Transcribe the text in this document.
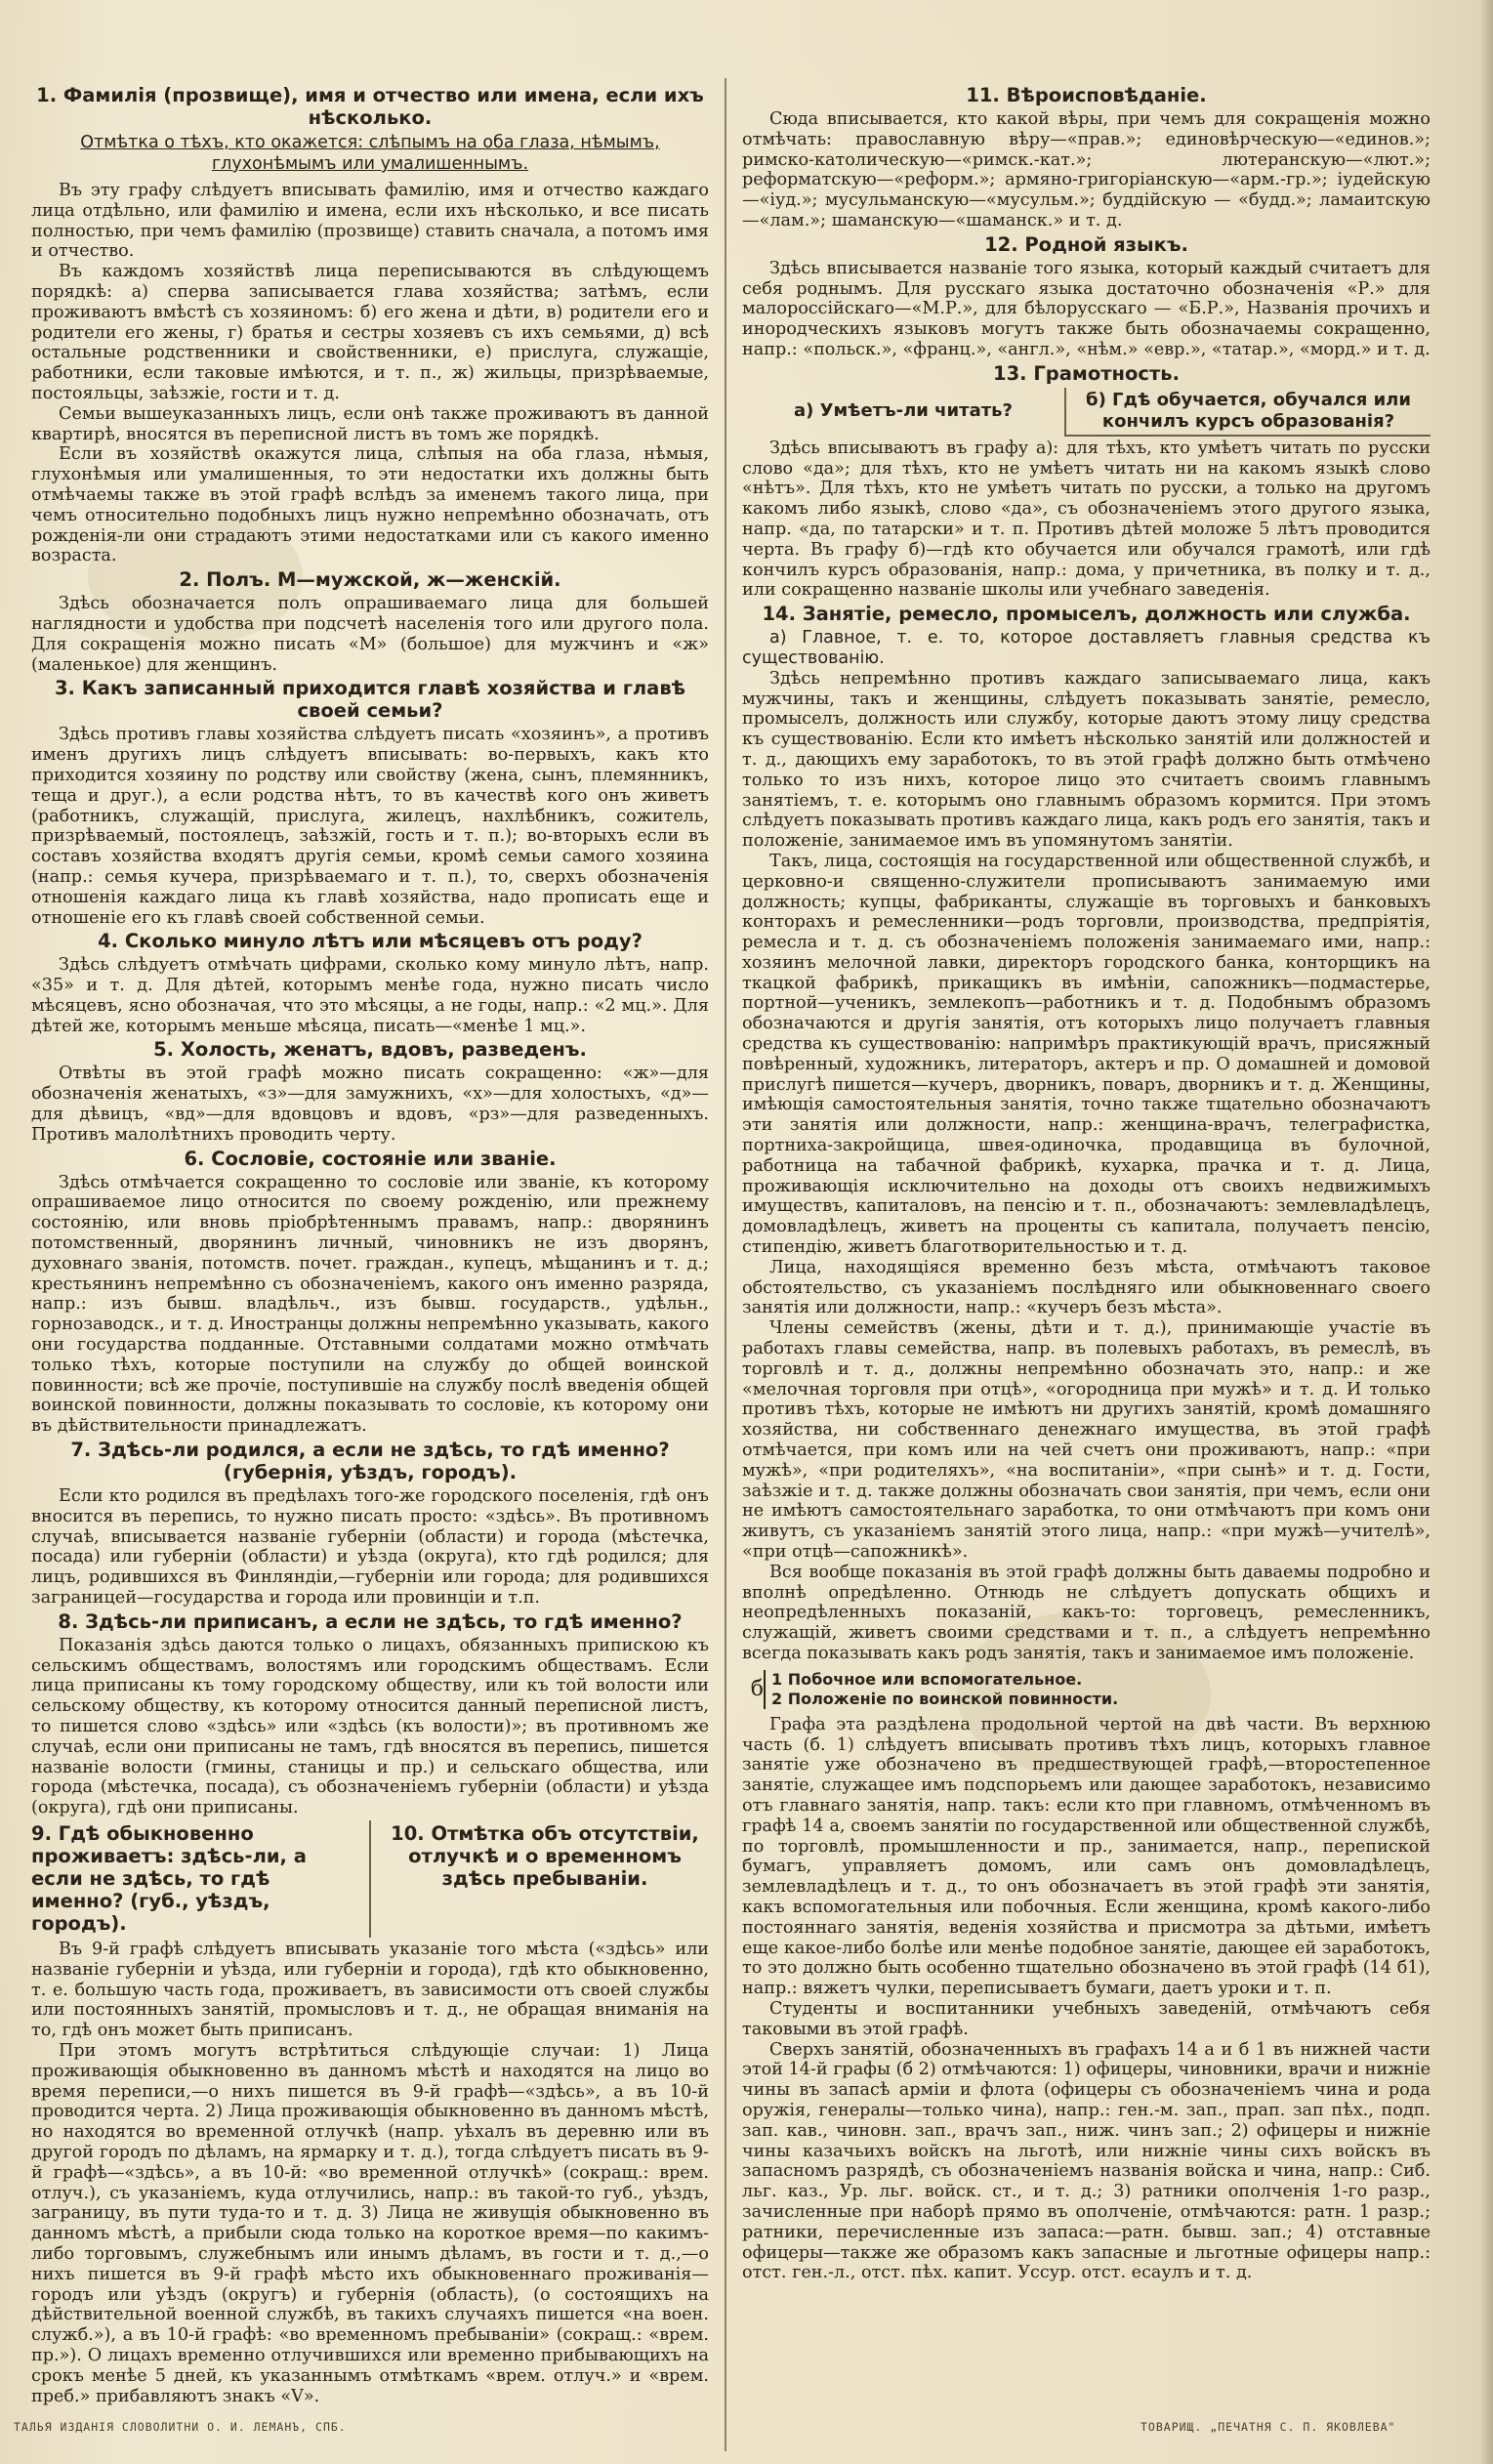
1. Фамилія (прозвище), имя и отчество или имена, если ихъ нѣсколько.
Отмѣтка о тѣхъ, кто окажется: слѣпымъ на оба глаза, нѣмымъ, глухонѣмымъ или умалишеннымъ.

Въ эту графу слѣдуетъ вписывать фамилію, имя и отчество каждаго лица отдѣльно, или фамилію и имена, если ихъ нѣсколько, и все писать полностью, при чемъ фамилію (прозвище) ставить сначала, а потомъ имя и отчество.

Въ каждомъ хозяйствѣ лица переписываются въ слѣдующемъ порядкѣ: а) сперва записывается глава хозяйства; затѣмъ, если проживаютъ вмѣстѣ съ хозяиномъ: б) его жена и дѣти, в) родители его и родители его жены, г) братья и сестры хозяевъ съ ихъ семьями, д) всѣ остальные родственники и свойственники, е) прислуга, служащіе, работники, если таковые имѣются, и т. п., ж) жильцы, призрѣваемые, постояльцы, заѣзжіе, гости и т. д.

Семьи вышеуказанныхъ лицъ, если онѣ также проживаютъ въ данной квартирѣ, вносятся въ переписной листъ въ томъ же порядкѣ.

Если въ хозяйствѣ окажутся лица, слѣпыя на оба глаза, нѣмыя, глухонѣмыя или умалишенныя, то эти недостатки ихъ должны быть отмѣчаемы также въ этой графѣ вслѣдъ за именемъ такого лица, при чемъ относительно подобныхъ лицъ нужно непремѣнно обозначать, отъ рожденія-ли они страдаютъ этими недостатками или съ какого именно возраста.

2. Полъ. М—мужской, ж—женскій.

Здѣсь обозначается полъ опрашиваемаго лица для большей наглядности и удобства при подсчетѣ населенія того или другого пола. Для сокращенія можно писать «М» (большое) для мужчинъ и «ж» (маленькое) для женщинъ.

3. Какъ записанный приходится главѣ хозяйства и главѣ своей семьи?

Здѣсь противъ главы хозяйства слѣдуетъ писать «хозяинъ», а противъ именъ другихъ лицъ слѣдуетъ вписывать: во-первыхъ, какъ кто приходится хозяину по родству или свойству (жена, сынъ, племянникъ, теща и друг.), а если родства нѣтъ, то въ качествѣ кого онъ живетъ (работникъ, служащій, прислуга, жилецъ, нахлѣбникъ, сожитель, призрѣваемый, постоялецъ, заѣзжій, гость и т. п.); во-вторыхъ если въ составъ хозяйства входятъ другія семьи, кромѣ семьи самого хозяина (напр.: семья кучера, призрѣваемаго и т. п.), то, сверхъ обозначенія отношенія каждаго лица къ главѣ хозяйства, надо прописать еще и отношеніе его къ главѣ своей собственной семьи.

4. Сколько минуло лѣтъ или мѣсяцевъ отъ роду?

Здѣсь слѣдуетъ отмѣчать цифрами, сколько кому минуло лѣтъ, напр. «35» и т. д. Для дѣтей, которымъ менѣе года, нужно писать число мѣсяцевъ, ясно обозначая, что это мѣсяцы, а не годы, напр.: «2 мц.». Для дѣтей же, которымъ меньше мѣсяца, писать—«менѣе 1 мц.».

5. Холость, женатъ, вдовъ, разведенъ.

Отвѣты въ этой графѣ можно писать сокращенно: «ж»—для обозначенія женатыхъ, «з»—для замужнихъ, «х»—для холостыхъ, «д»—для дѣвицъ, «вд»—для вдовцовъ и вдовъ, «рз»—для разведенныхъ. Противъ малолѣтнихъ проводить черту.

6. Сословіе, состояніе или званіе.

Здѣсь отмѣчается сокращенно то сословіе или званіе, къ которому опрашиваемое лицо относится по своему рожденію, или прежнему состоянію, или вновь пріобрѣтеннымъ правамъ, напр.: дворянинъ потомственный, дворянинъ личный, чиновникъ не изъ дворянъ, духовнаго званія, потомств. почет. граждан., купецъ, мѣщанинъ и т. д.; крестьянинъ непремѣнно съ обозначеніемъ, какого онъ именно разряда, напр.: изъ бывш. владѣльч., изъ бывш. государств., удѣльн., горнозаводск., и т. д. Иностранцы должны непремѣнно указывать, какого они государства подданные. Отставными солдатами можно отмѣчать только тѣхъ, которые поступили на службу до общей воинской повинности; всѣ же прочіе, поступившіе на службу послѣ введенія общей воинской повинности, должны показывать то сословіе, къ которому они въ дѣйствительности принадлежатъ.

7. Здѣсь-ли родился, а если не здѣсь, то гдѣ именно? (губернія, уѣздъ, городъ).

Если кто родился въ предѣлахъ того-же городского поселенія, гдѣ онъ вносится въ перепись, то нужно писать просто: «здѣсь». Въ противномъ случаѣ, вписывается названіе губерніи (области) и города (мѣстечка, посада) или губерніи (области) и уѣзда (округа), кто гдѣ родился; для лицъ, родившихся въ Финляндіи,—губерніи или города; для родившихся заграницей—государства и города или провинціи и т.п.

8. Здѣсь-ли приписанъ, а если не здѣсь, то гдѣ именно?

Показанія здѣсь даются только о лицахъ, обязанныхъ припискою къ сельскимъ обществамъ, волостямъ или городскимъ обществамъ. Если лица приписаны къ тому городскому обществу, или къ той волости или сельскому обществу, къ которому относится данный переписной листъ, то пишется слово «здѣсь» или «здѣсь (къ волости)»; въ противномъ же случаѣ, если они приписаны не тамъ, гдѣ вносятся въ перепись, пишется названіе волости (гмины, станицы и пр.) и сельскаго общества, или города (мѣстечка, посада), съ обозначеніемъ губерніи (области) и уѣзда (округа), гдѣ они приписаны.

9. Гдѣ обыкновенно проживаетъ: здѣсь-ли, а если не здѣсь, то гдѣ именно? (губ., уѣздъ, городъ).
10. Отмѣтка объ отсутствіи, отлучкѣ и о временномъ здѣсь пребываніи.

Въ 9-й графѣ слѣдуетъ вписывать указаніе того мѣста («здѣсь» или названіе губерніи и уѣзда, или губерніи и города), гдѣ кто обыкновенно, т. е. большую часть года, проживаетъ, въ зависимости отъ своей службы или постоянныхъ занятій, промысловъ и т. д., не обращая вниманія на то, гдѣ онъ может быть приписанъ.

При этомъ могутъ встрѣтиться слѣдующіе случаи: 1) Лица проживающія обыкновенно въ данномъ мѣстѣ и находятся на лицо во время переписи,—о нихъ пишется въ 9-й графѣ—«здѣсь», а въ 10-й проводится черта. 2) Лица проживающія обыкновенно въ данномъ мѣстѣ, но находятся во временной отлучкѣ (напр. уѣхалъ въ деревню или въ другой городъ по дѣламъ, на ярмарку и т. д.), тогда слѣдуетъ писать въ 9-й графѣ—«здѣсь», а въ 10-й: «во временной отлучкѣ» (сокращ.: врем. отлуч.), съ указаніемъ, куда отлучились, напр.: въ такой-то губ., уѣздъ, заграницу, въ пути туда-то и т. д. 3) Лица не живущія обыкновенно въ данномъ мѣстѣ, а прибыли сюда только на короткое время—по какимъ-либо торговымъ, служебнымъ или инымъ дѣламъ, въ гости и т. д.,—о нихъ пишется въ 9-й графѣ мѣсто ихъ обыкновеннаго проживанія—городъ или уѣздъ (округъ) и губернія (область), (о состоящихъ на дѣйствительной военной службѣ, въ такихъ случаяхъ пишется «на воен. служб.»), а въ 10-й графѣ: «во временномъ пребываніи» (сокращ.: «врем. пр.»). О лицахъ временно отлучившихся или временно прибывающихъ на срокъ менѣе 5 дней, къ указаннымъ отмѣткамъ «врем. отлуч.» и «врем. преб.» прибавляютъ знакъ «V».

11. Вѣроисповѣданіе.

Сюда вписывается, кто какой вѣры, при чемъ для сокращенія можно отмѣчать: православную вѣру—«прав.»; единовѣрческую—«единов.»; римско-католическую—«римск.-кат.»; лютеранскую—«лют.»; реформатскую—«реформ.»; армяно-григоріанскую—«арм.-гр.»; іудейскую—«іуд.»; мусульманскую—«мусульм.»; буддійскую — «будд.»; ламаитскую—«лам.»; шаманскую—«шаманск.» и т. д.

12. Родной языкъ.

Здѣсь вписывается названіе того языка, который каждый считаетъ для себя роднымъ. Для русскаго языка достаточно обозначенія «Р.» для малороссійскаго—«М.Р.», для бѣлорусскаго — «Б.Р.», Названія прочихъ и инородческихъ языковъ могутъ также быть обозначаемы сокращенно, напр.: «польск.», «франц.», «англ.», «нѣм.» «евр.», «татар.», «морд.» и т. д.

13. Грамотность.
а) Умѣетъ-ли читать?
б) Гдѣ обучается, обучался или кончилъ курсъ образованія?

Здѣсь вписываютъ въ графу а): для тѣхъ, кто умѣетъ читать по русски слово «да»; для тѣхъ, кто не умѣетъ читать ни на какомъ языкѣ слово «нѣтъ». Для тѣхъ, кто не умѣетъ читать по русски, а только на другомъ какомъ либо языкѣ, слово «да», съ обозначеніемъ этого другого языка, напр. «да, по татарски» и т. п. Противъ дѣтей моложе 5 лѣтъ проводится черта. Въ графу б)—гдѣ кто обучается или обучался грамотѣ, или гдѣ кончилъ курсъ образованія, напр.: дома, у причетника, въ полку и т. д., или сокращенно названіе школы или учебнаго заведенія.

14. Занятіе, ремесло, промыселъ, должность или служба.

а) Главное, т. е. то, которое доставляетъ главныя средства къ существованію.

Здѣсь непремѣнно противъ каждаго записываемаго лица, какъ мужчины, такъ и женщины, слѣдуетъ показывать занятіе, ремесло, промыселъ, должность или службу, которые даютъ этому лицу средства къ существованію. Если кто имѣетъ нѣсколько занятій или должностей и т. д., дающихъ ему заработокъ, то въ этой графѣ должно быть отмѣчено только то изъ нихъ, которое лицо это считаетъ своимъ главнымъ занятіемъ, т. е. которымъ оно главнымъ образомъ кормится. При этомъ слѣдуетъ показывать противъ каждаго лица, какъ родъ его занятія, такъ и положеніе, занимаемое имъ въ упомянутомъ занятіи.

Такъ, лица, состоящія на государственной или общественной службѣ, и церковно-и священно-служители прописываютъ занимаемую ими должность; купцы, фабриканты, служащіе въ торговыхъ и банковыхъ конторахъ и ремесленники—родъ торговли, производства, предпріятія, ремесла и т. д. съ обозначеніемъ положенія занимаемаго ими, напр.: хозяинъ мелочной лавки, директоръ городского банка, конторщикъ на ткацкой фабрикѣ, прикащикъ въ имѣніи, сапожникъ—подмастерье, портной—ученикъ, землекопъ—работникъ и т. д. Подобнымъ образомъ обозначаются и другія занятія, отъ которыхъ лицо получаетъ главныя средства къ существованію: напримѣръ практикующій врачъ, присяжный повѣренный, художникъ, литераторъ, актеръ и пр. О домашней и домовой прислугѣ пишется—кучеръ, дворникъ, поваръ, дворникъ и т. д. Женщины, имѣющія самостоятельныя занятія, точно также тщательно обозначаютъ эти занятія или должности, напр.: женщина-врачъ, телеграфистка, портниха-закройщица, швея-одиночка, продавщица въ булочной, работница на табачной фабрикѣ, кухарка, прачка и т. д. Лица, проживающія исключительно на доходы отъ своихъ недвижимыхъ имуществъ, капиталовъ, на пенсію и т. п., обозначаютъ: землевладѣлецъ, домовладѣлецъ, живетъ на проценты съ капитала, получаетъ пенсію, стипендію, живетъ благотворительностью и т. д.

Лица, находящіяся временно безъ мѣста, отмѣчаютъ таковое обстоятельство, съ указаніемъ послѣдняго или обыкновеннаго своего занятія или должности, напр.: «кучеръ безъ мѣста».

Члены семействъ (жены, дѣти и т. д.), принимающіе участіе въ работахъ главы семейства, напр. въ полевыхъ работахъ, въ ремеслѣ, въ торговлѣ и т. д., должны непремѣнно обозначать это, напр.: и же «мелочная торговля при отцѣ», «огородница при мужѣ» и т. д. И только противъ тѣхъ, которые не имѣютъ ни другихъ занятій, кромѣ домашняго хозяйства, ни собственнаго денежнаго имущества, въ этой графѣ отмѣчается, при комъ или на чей счетъ они проживаютъ, напр.: «при мужѣ», «при родителяхъ», «на воспитаніи», «при сынѣ» и т. д. Гости, заѣзжіе и т. д. также должны обозначать свои занятія, при чемъ, если они не имѣютъ самостоятельнаго заработка, то они отмѣчаютъ при комъ они живутъ, съ указаніемъ занятій этого лица, напр.: «при мужѣ—учителѣ», «при отцѣ—сапожникѣ».

Вся вообще показанія въ этой графѣ должны быть даваемы подробно и вполнѣ опредѣленно. Отнюдь не слѣдуетъ допускать общихъ и неопредѣленныхъ показаній, какъ-то: торговецъ, ремесленникъ, служащій, живетъ своими средствами и т. п., а слѣдуетъ непремѣнно всегда показывать какъ родъ занятія, такъ и занимаемое имъ положеніе.

б 1 Побочное или вспомогательное.
2 Положеніе по воинской повинности.

Графа эта раздѣлена продольной чертой на двѣ части. Въ верхнюю часть (б. 1) слѣдуетъ вписывать противъ тѣхъ лицъ, которыхъ главное занятіе уже обозначено въ предшествующей графѣ,—второстепенное занятіе, служащее имъ подспорьемъ или дающее заработокъ, независимо отъ главнаго занятія, напр. такъ: если кто при главномъ, отмѣченномъ въ графѣ 14 а, своемъ занятіи по государственной или общественной службѣ, по торговлѣ, промышленности и пр., занимается, напр., перепиской бумагъ, управляетъ домомъ, или самъ онъ домовладѣлецъ, землевладѣлецъ и т. д., то онъ обозначаетъ въ этой графѣ эти занятія, какъ вспомогательныя или побочныя. Если женщина, кромѣ какого-либо постояннаго занятія, веденія хозяйства и присмотра за дѣтьми, имѣетъ еще какое-либо болѣе или менѣе подобное занятіе, дающее ей заработокъ, то это должно быть особенно тщательно обозначено въ этой графѣ (14 б1), напр.: вяжетъ чулки, переписываетъ бумаги, даетъ уроки и т. п.

Студенты и воспитанники учебныхъ заведеній, отмѣчаютъ себя таковыми въ этой графѣ.

Сверхъ занятій, обозначенныхъ въ графахъ 14 а и б 1 въ нижней части этой 14-й графы (б 2) отмѣчаются: 1) офицеры, чиновники, врачи и нижніе чины въ запасѣ арміи и флота (офицеры съ обозначеніемъ чина и рода оружія, генералы—только чина), напр.: ген.-м. зап., прап. зап пѣх., подп. зап. кав., чиновн. зап., врачъ зап., ниж. чинъ зап.; 2) офицеры и нижніе чины казачьихъ войскъ на льготѣ, или нижніе чины сихъ войскъ въ запасномъ разрядѣ, съ обозначеніемъ названія войска и чина, напр.: Сиб. льг. каз., Ур. льг. войск. ст., и т. д.; 3) ратники ополченія 1-го разр., зачисленные при наборѣ прямо въ ополченіе, отмѣчаются: ратн. 1 разр.; ратники, перечисленные изъ запаса:—ратн. бывш. зап.; 4) отставные офицеры—также же образомъ какъ запасные и льготные офицеры напр.: отст. ген.-л., отст. пѣх. капит. Уссур. отст. есаулъ и т. д.

ТАЛЬЯ ИЗДАНІЯ СЛОВОЛИТНИ О. И. ЛЕМАНЪ, СПБ.	ТОВАРИЩ. „ПЕЧАТНЯ С. П. ЯКОВЛЕВА"
